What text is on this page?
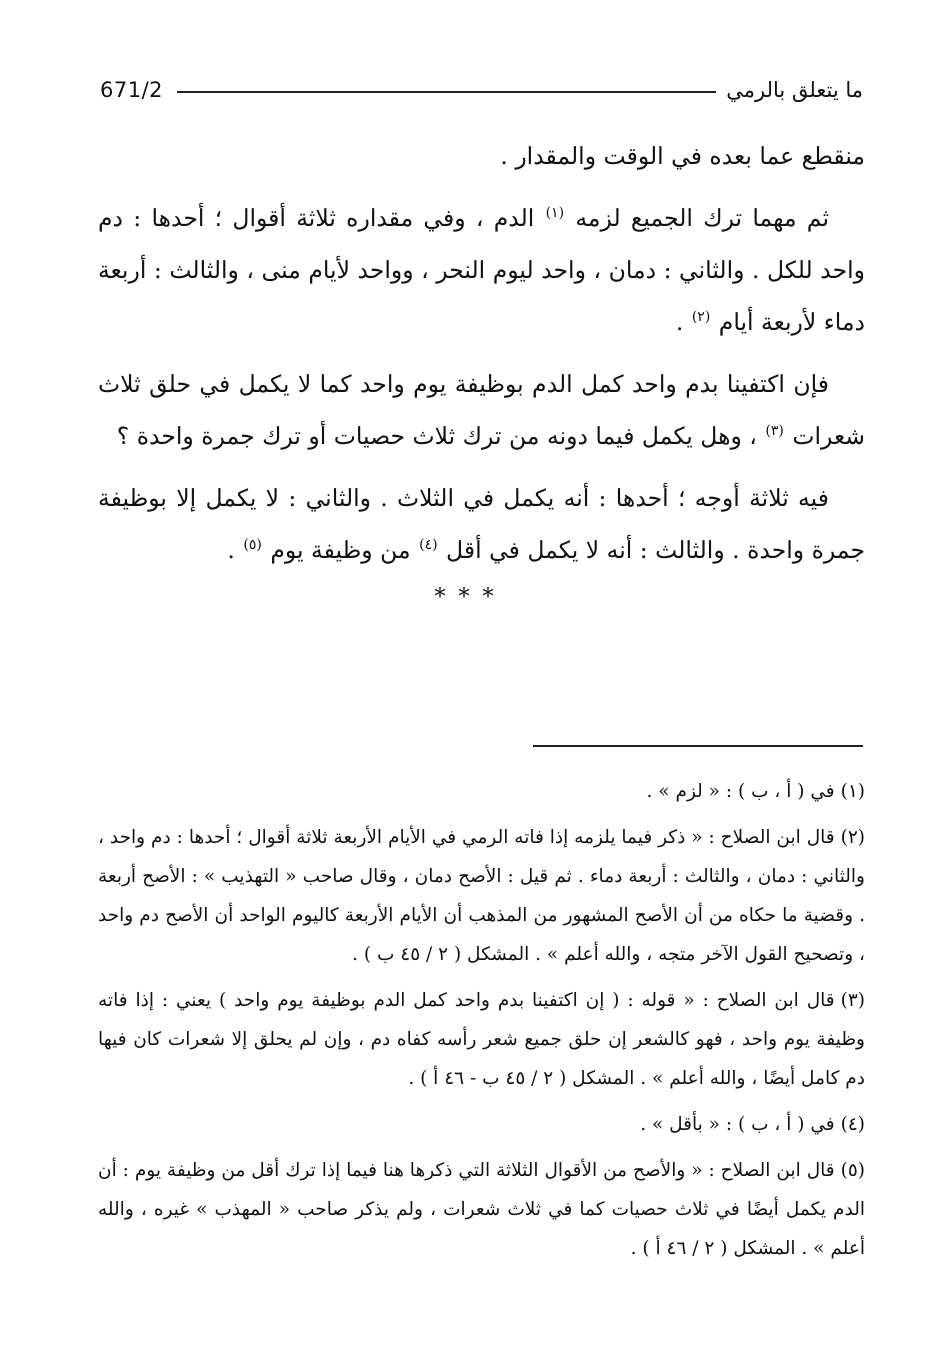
671/2	ما يتعلق بالرمي

منقطع عما بعده في الوقت والمقدار .

ثم مهما ترك الجميع لزمه $^{(١)}$ الدم ، وفي مقداره ثلاثة أقوال ؛ أحدها : دم واحد للكل . والثاني : دمان ، واحد ليوم النحر ، وواحد لأيام منى ، والثالث : أربعة دماء لأربعة أيام $^{(٢)}$ .

فإن اكتفينا بدم واحد كمل الدم بوظيفة يوم واحد كما لا يكمل في حلق ثلاث شعرات $^{(٣)}$ ، وهل يكمل فيما دونه من ترك ثلاث حصيات أو ترك جمرة واحدة ؟

فيه ثلاثة أوجه ؛ أحدها : أنه يكمل في الثلاث . والثاني : لا يكمل إلا بوظيفة جمرة واحدة . والثالث : أنه لا يكمل في أقل $^{(٤)}$ من وظيفة يوم $^{(٥)}$ .

* * *

(١)في ( أ ، ب ) : « لزم » .

(٢)قال ابن الصلاح : « ذكر فيما يلزمه إذا فاته الرمي في الأيام الأربعة ثلاثة أقوال ؛ أحدها : دم واحد ، والثاني : دمان ، والثالث : أربعة دماء . ثم قيل : الأصح دمان ، وقال صاحب « التهذيب » : الأصح أربعة . وقضية ما حكاه من أن الأصح المشهور من المذهب أن الأيام الأربعة كاليوم الواحد أن الأصح دم واحد ، وتصحيح القول الآخر متجه ، والله أعلم » . المشكل ( ٢ / ٤٥ ب ) .

(٣)قال ابن الصلاح : « قوله : ( إن اكتفينا بدم واحد كمل الدم بوظيفة يوم واحد ) يعني : إذا فاته وظيفة يوم واحد ، فهو كالشعر إن حلق جميع شعر رأسه كفاه دم ، وإن لم يحلق إلا شعرات كان فيها دم كامل أيضًا ، والله أعلم » . المشكل ( ٢ / ٤٥ ب - ٤٦ أ ) .

(٤)في ( أ ، ب ) : « بأقل » .

(٥)قال ابن الصلاح : « والأصح من الأقوال الثلاثة التي ذكرها هنا فيما إذا ترك أقل من وظيفة يوم : أن الدم يكمل أيضًا في ثلاث حصيات كما في ثلاث شعرات ، ولم يذكر صاحب « المهذب » غيره ، والله أعلم » . المشكل ( ٢ / ٤٦ أ ) .
